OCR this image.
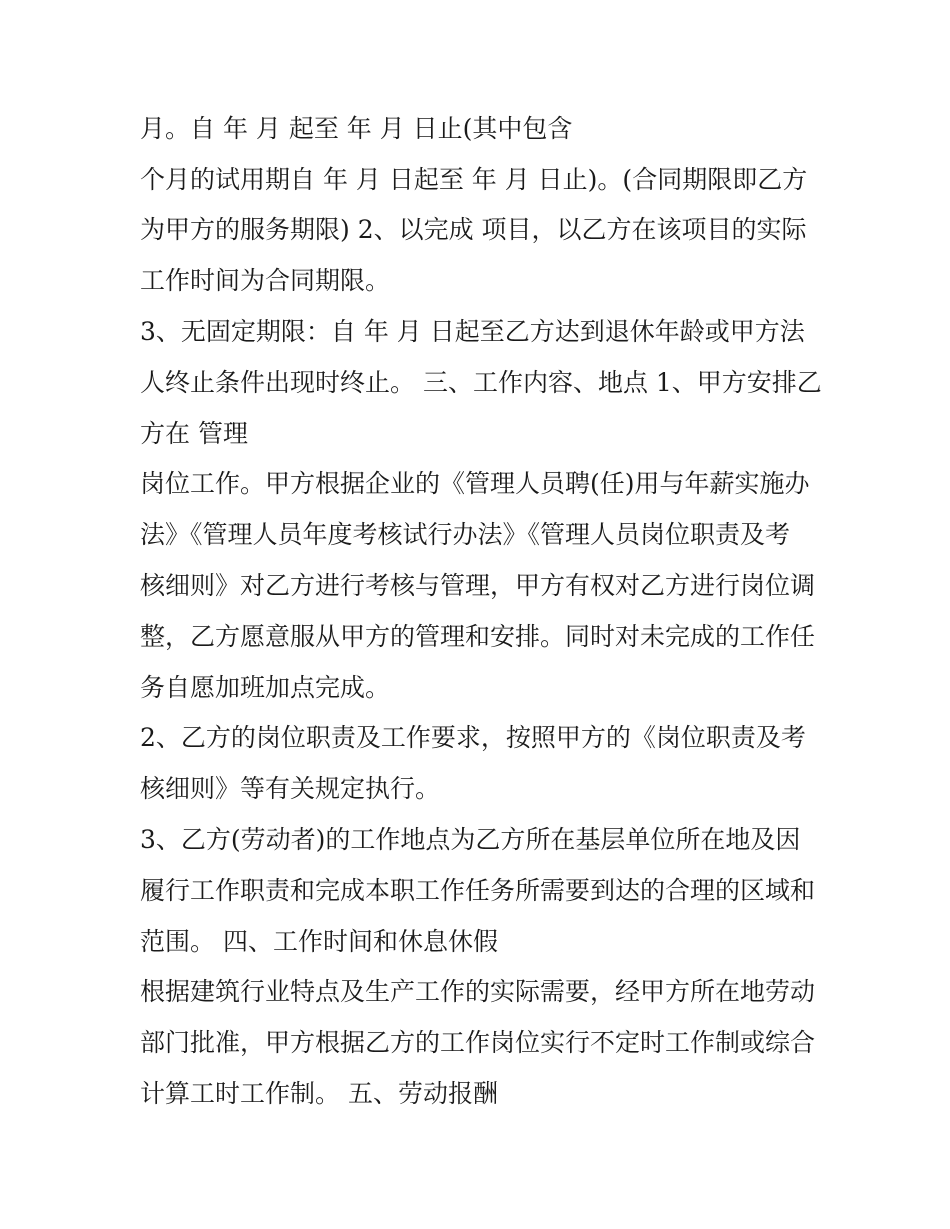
月。自 年 月 起至 年 月 日止(其中包含
个月的试用期自 年 月 日起至 年 月 日止)。(合同期限即乙方
为甲方的服务期限) 2、以完成 项目，以乙方在该项目的实际
工作时间为合同期限。
3、无固定期限：自 年 月 日起至乙方达到退休年龄或甲方法
人终止条件出现时终止。 三、工作内容、地点 1、甲方安排乙
方在 管理
岗位工作。甲方根据企业的《管理人员聘(任)用与年薪实施办
法》《管理人员年度考核试行办法》《管理人员岗位职责及考
核细则》对乙方进行考核与管理，甲方有权对乙方进行岗位调
整，乙方愿意服从甲方的管理和安排。同时对未完成的工作任
务自愿加班加点完成。
2、乙方的岗位职责及工作要求，按照甲方的《岗位职责及考
核细则》等有关规定执行。
3、乙方(劳动者)的工作地点为乙方所在基层单位所在地及因
履行工作职责和完成本职工作任务所需要到达的合理的区域和
范围。 四、工作时间和休息休假
根据建筑行业特点及生产工作的实际需要，经甲方所在地劳动
部门批准，甲方根据乙方的工作岗位实行不定时工作制或综合
计算工时工作制。 五、劳动报酬
